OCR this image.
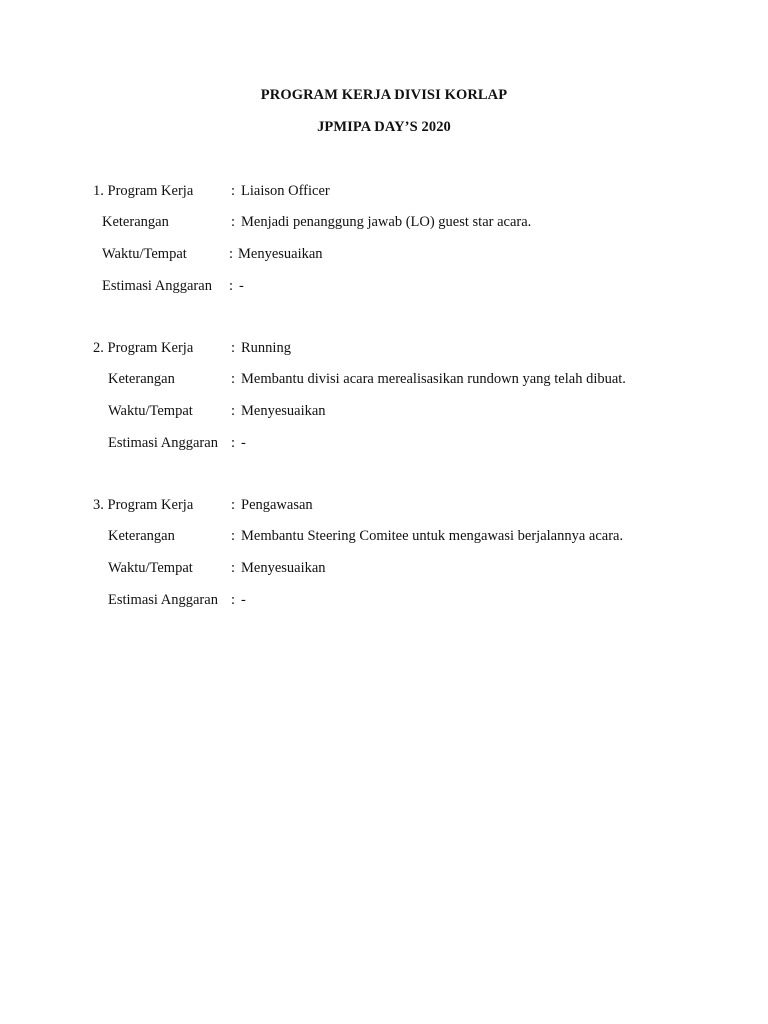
PROGRAM KERJA DIVISI KORLAP
JPMIPA DAY’S 2020
1. Program Kerja	: Liaison Officer
Keterangan	: Menjadi penanggung jawab (LO) guest star acara.
Waktu/Tempat	: Menyesuaikan
Estimasi Anggaran : -
2. Program Kerja	: Running
Keterangan	: Membantu divisi acara merealisasikan rundown yang telah dibuat.
Waktu/Tempat	: Menyesuaikan
Estimasi Anggaran : -
3. Program Kerja	: Pengawasan
Keterangan	: Membantu Steering Comitee untuk mengawasi berjalannya acara.
Waktu/Tempat	: Menyesuaikan
Estimasi Anggaran : -
